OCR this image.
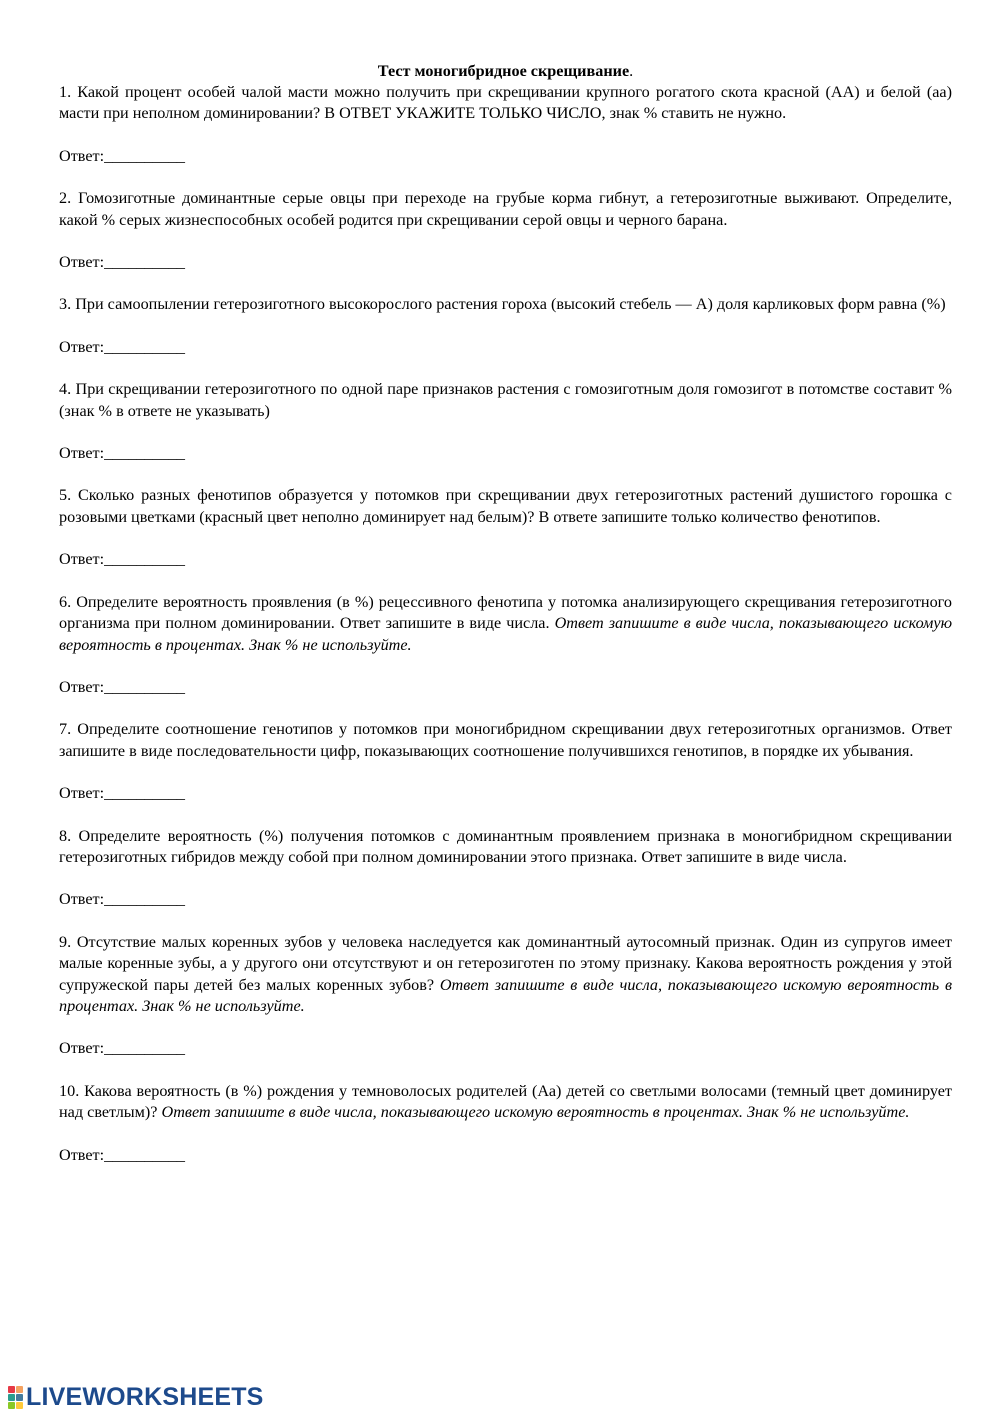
Тест моногибридное скрещивание.

1. Какой процент особей чалой масти можно получить при скрещивании крупного рогатого скота красной (АА) и белой (аа) масти при неполном доминировании? В ОТВЕТ УКАЖИТЕ ТОЛЬКО ЧИСЛО, знак % ставить не нужно.

Ответ:__________

2. Гомозиготные доминантные серые овцы при переходе на грубые корма гибнут, а гетерозиготные выживают. Определите, какой % серых жизнеспособных особей родится при скрещивании серой овцы и черного барана.

Ответ:__________

3. При самоопылении гетерозиготного высокорослого растения гороха (высокий стебель — А) доля карликовых форм равна (%)

Ответ:__________

4. При скрещивании гетерозиготного по одной паре признаков растения с гомозиготным доля гомозигот в потомстве составит % (знак % в ответе не указывать)

Ответ:__________

5. Сколько разных фенотипов образуется у потомков при скрещивании двух гетерозиготных растений душистого горошка с розовыми цветками (красный цвет неполно доминирует над белым)? В ответе запишите только количество фенотипов.

Ответ:__________

6. Определите вероятность проявления (в %) рецессивного фенотипа у потомка анализирующего скрещивания гетерозиготного организма при полном доминировании. Ответ запишите в виде числа. Ответ запишите в виде числа, показывающего искомую вероятность в процентах. Знак % не используйте.

Ответ:__________

7. Определите соотношение генотипов у потомков при моногибридном скрещивании двух гетерозиготных организмов. Ответ запишите в виде последовательности цифр, показывающих соотношение получившихся генотипов, в порядке их убывания.

Ответ:__________

8. Определите вероятность (%) получения потомков с доминантным проявлением признака в моногибридном скрещивании гетерозиготных гибридов между собой при полном доминировании этого признака. Ответ запишите в виде числа.

Ответ:__________

9. Отсутствие малых коренных зубов у человека наследуется как доминантный аутосомный признак. Один из супругов имеет малые коренные зубы, а у другого они отсутствуют и он гетерозиготен по этому признаку. Какова вероятность рождения у этой супружеской пары детей без малых коренных зубов? Ответ запишите в виде числа, показывающего искомую вероятность в процентах. Знак % не используйте.

Ответ:__________

10. Какова вероятность (в %) рождения у темноволосых родителей (Аа) детей со светлыми волосами (темный цвет доминирует над светлым)? Ответ запишите в виде числа, показывающего искомую вероятность в процентах. Знак % не используйте.

Ответ:__________

LIVEWORKSHEETS
